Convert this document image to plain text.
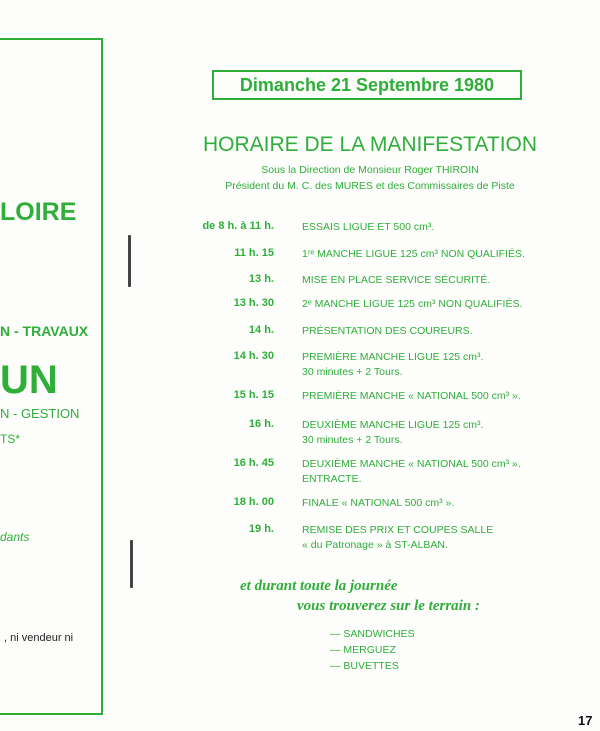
LOIRE
N - TRAVAUX
UN
N - GESTION
TS*
dants
, ni vendeur ni
Dimanche 21 Septembre 1980
HORAIRE DE LA MANIFESTATION
Sous la Direction de Monsieur Roger THIROIN
Président du M. C. des MURES et des Commissaires de Piste
de 8 h. à 11 h.	ESSAIS LIGUE ET 500 cm³.
11 h. 15	1ʳᵉ MANCHE LIGUE 125 cm³ NON QUALIFIÉS.
13 h.	MISE EN PLACE SERVICE SÉCURITÉ.
13 h. 30	2ᵉ MANCHE LIGUE 125 cm³ NON QUALIFIÉS.
14 h.	PRÉSENTATION DES COUREURS.
14 h. 30	PREMIÈRE MANCHE LIGUE 125 cm³.
30 minutes + 2 Tours.
15 h. 15	PREMIÈRE MANCHE « NATIONAL 500 cm³ ».
16 h.	DEUXIÈME MANCHE LIGUE 125 cm³.
30 minutes + 2 Tours.
16 h. 45	DEUXIÈME MANCHE « NATIONAL 500 cm³ ».
ENTRACTE.
18 h. 00	FINALE « NATIONAL 500 cm³ ».
19 h.	REMISE DES PRIX ET COUPES SALLE
« du Patronage » à ST-ALBAN.
et durant toute la journée
vous trouverez sur le terrain :
— SANDWICHES
— MERGUEZ
— BUVETTES
17
